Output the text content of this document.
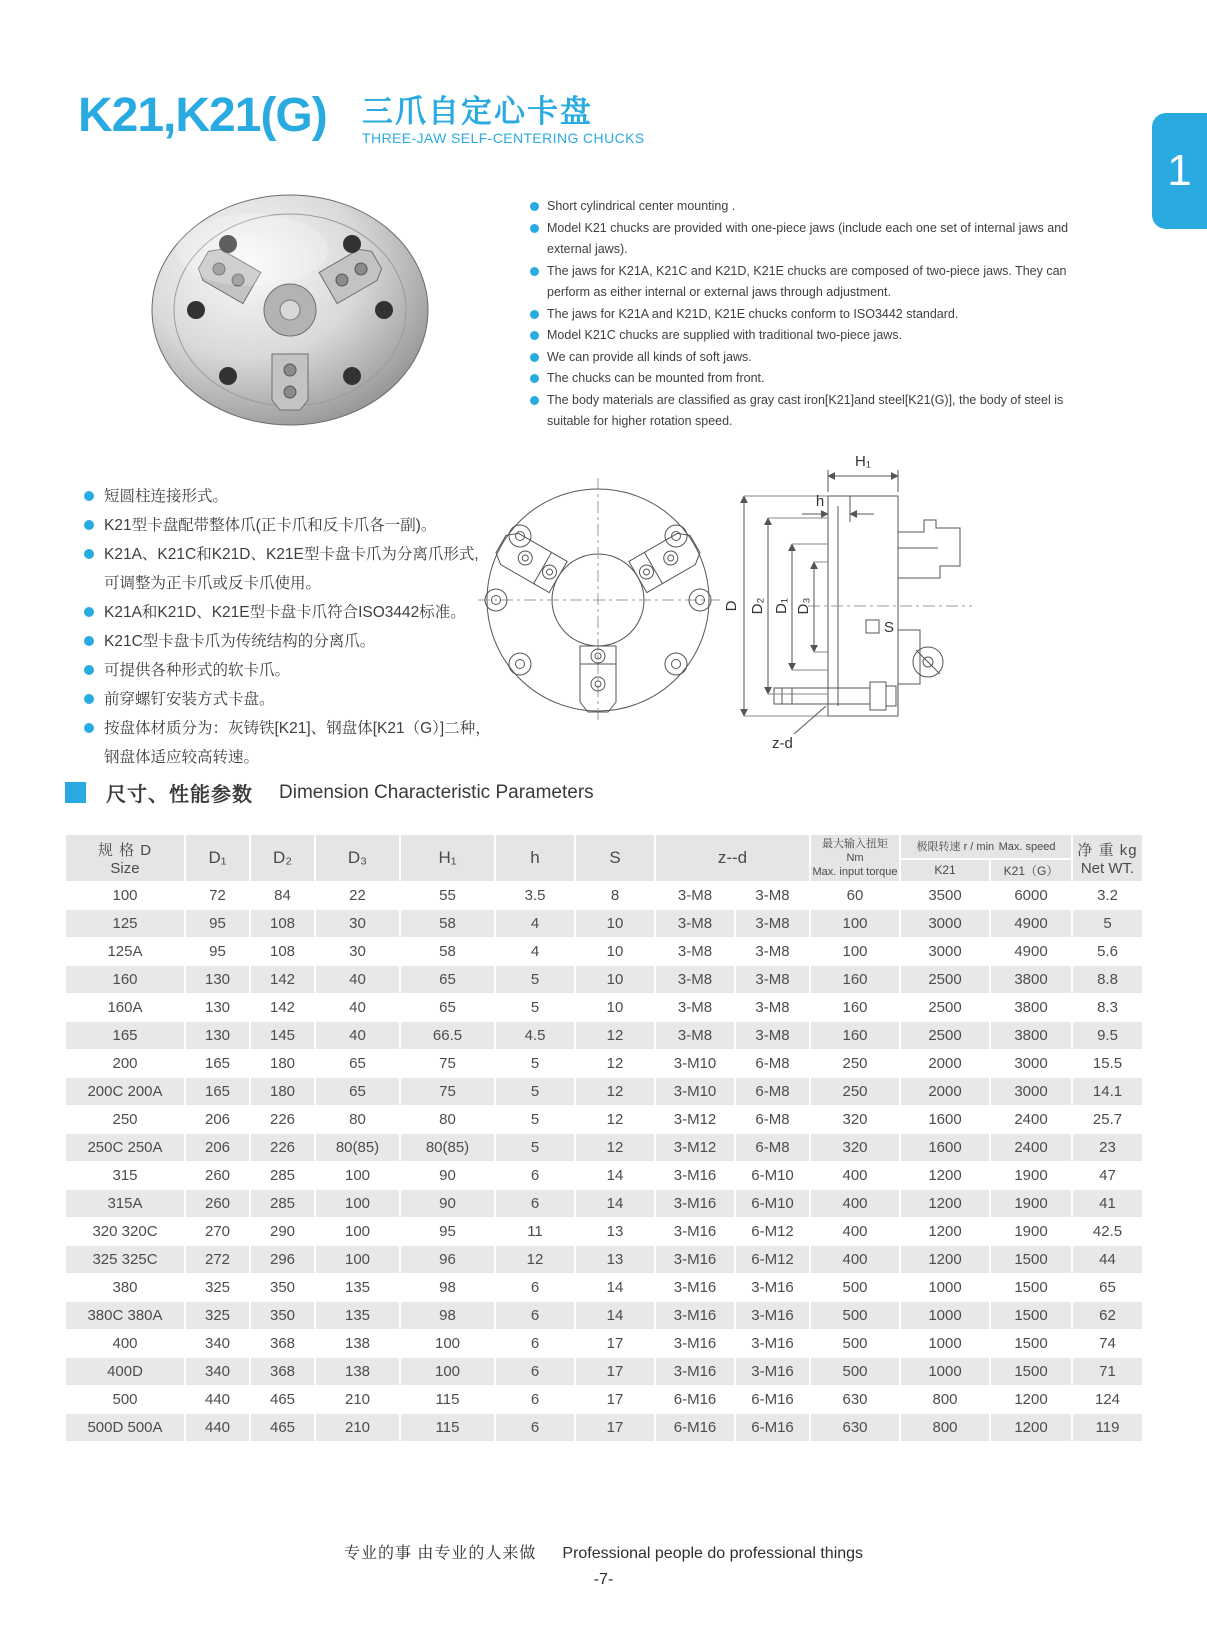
K21,K21(G) 三爪自定心卡盘
THREE-JAW SELF-CENTERING CHUCKS
1
Short cylindrical center mounting .
Model K21 chucks are provided with one-piece jaws (include each one set of internal jaws and external jaws).
The jaws for K21A, K21C and K21D, K21E chucks are composed of two-piece jaws. They can perform as either internal or external jaws through adjustment.
The jaws for K21A and K21D, K21E chucks conform to ISO3442 standard.
Model K21C chucks are supplied with traditional two-piece jaws.
We can provide all kinds of soft jaws.
The chucks can be mounted from front.
The body materials are classified as gray cast iron[K21]and steel[K21(G)], the body of steel is suitable for higher rotation speed.
短圆柱连接形式。
K21型卡盘配带整体爪(正卡爪和反卡爪各一副)。
K21A、K21C和K21D、K21E型卡盘卡爪为分离爪形式,可调整为正卡爪或反卡爪使用。
K21A和K21D、K21E型卡盘卡爪符合ISO3442标准。
K21C型卡盘卡爪为传统结构的分离爪。
可提供各种形式的软卡爪。
前穿螺钉安装方式卡盘。
按盘体材质分为：灰铸铁[K21]、钢盘体[K21（G）]二种，钢盘体适应较高转速。
H₁
h
D D₂ D₁ D₃
S
z-d
尺寸、性能参数 Dimension Characteristic Parameters
规 格 D
Size
	D₁	D₂	D₃	H₁	h	S	z--d	
最大输入扭矩 Nm
Max. input torque
	极限转速 r / min Max. speed	净 重 kg
Net WT.

										K21	K21（G）	
100	72	84	22	55	3.5	8	3-M8	3-M8	60	3500	6000	3.2
125	95	108	30	58	4	10	3-M8	3-M8	100	3000	4900	5
125A	95	108	30	58	4	10	3-M8	3-M8	100	3000	4900	5.6
160	130	142	40	65	5	10	3-M8	3-M8	160	2500	3800	8.8
160A	130	142	40	65	5	10	3-M8	3-M8	160	2500	3800	8.3
165	130	145	40	66.5	4.5	12	3-M8	3-M8	160	2500	3800	9.5
200	165	180	65	75	5	12	3-M10	6-M8	250	2000	3000	15.5
200C 200A	165	180	65	75	5	12	3-M10	6-M8	250	2000	3000	14.1
250	206	226	80	80	5	12	3-M12	6-M8	320	1600	2400	25.7
250C 250A	206	226	80(85)	80(85)	5	12	3-M12	6-M8	320	1600	2400	23
315	260	285	100	90	6	14	3-M16	6-M10	400	1200	1900	47
315A	260	285	100	90	6	14	3-M16	6-M10	400	1200	1900	41
320 320C	270	290	100	95	11	13	3-M16	6-M12	400	1200	1900	42.5
325 325C	272	296	100	96	12	13	3-M16	6-M12	400	1200	1500	44
380	325	350	135	98	6	14	3-M16	3-M16	500	1000	1500	65
380C 380A	325	350	135	98	6	14	3-M16	3-M16	500	1000	1500	62
400	340	368	138	100	6	17	3-M16	3-M16	500	1000	1500	74
400D	340	368	138	100	6	17	3-M16	3-M16	500	1000	1500	71
500	440	465	210	115	6	17	6-M16	6-M16	630	800	1200	124
500D 500A	440	465	210	115	6	17	6-M16	6-M16	630	800	1200	119
专业的事 由专业的人来做 Professional people do professional things
-7-
